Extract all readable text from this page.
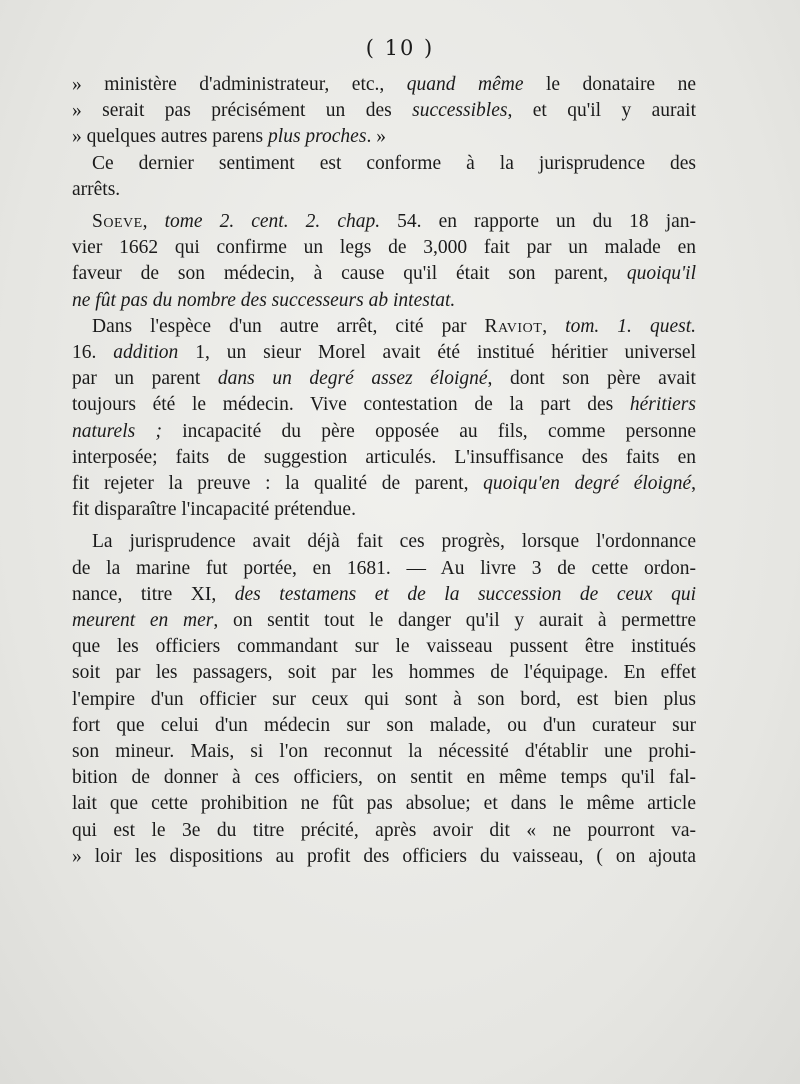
( 10 )

» ministère d'administrateur, etc., quand même le donataire ne
» serait pas précisément un des successibles, et qu'il y aurait
» quelques autres parens plus proches. »

Ce dernier sentiment est conforme à la jurisprudence des
arrêts.

Soeve, tome 2. cent. 2. chap. 54. en rapporte un du 18 jan-
vier 1662 qui confirme un legs de 3,000 fait par un malade en
faveur de son médecin, à cause qu'il était son parent, quoiqu'il
ne fût pas du nombre des successeurs ab intestat.

Dans l'espèce d'un autre arrêt, cité par Raviot, tom. 1. quest.
16. addition 1, un sieur Morel avait été institué héritier universel
par un parent dans un degré assez éloigné, dont son père avait
toujours été le médecin. Vive contestation de la part des héritiers
naturels ; incapacité du père opposée au fils, comme personne
interposée; faits de suggestion articulés. L'insuffisance des faits en
fit rejeter la preuve : la qualité de parent, quoiqu'en degré éloigné,
fit disparaître l'incapacité prétendue.

La jurisprudence avait déjà fait ces progrès, lorsque l'ordonnance
de la marine fut portée, en 1681. — Au livre 3 de cette ordon-
nance, titre XI, des testamens et de la succession de ceux qui
meurent en mer, on sentit tout le danger qu'il y aurait à permettre
que les officiers commandant sur le vaisseau pussent être institués
soit par les passagers, soit par les hommes de l'équipage. En effet
l'empire d'un officier sur ceux qui sont à son bord, est bien plus
fort que celui d'un médecin sur son malade, ou d'un curateur sur
son mineur. Mais, si l'on reconnut la nécessité d'établir une prohi-
bition de donner à ces officiers, on sentit en même temps qu'il fal-
lait que cette prohibition ne fût pas absolue; et dans le même article
qui est le 3e du titre précité, après avoir dit « ne pourront va-
» loir les dispositions au profit des officiers du vaisseau, ( on ajouta
